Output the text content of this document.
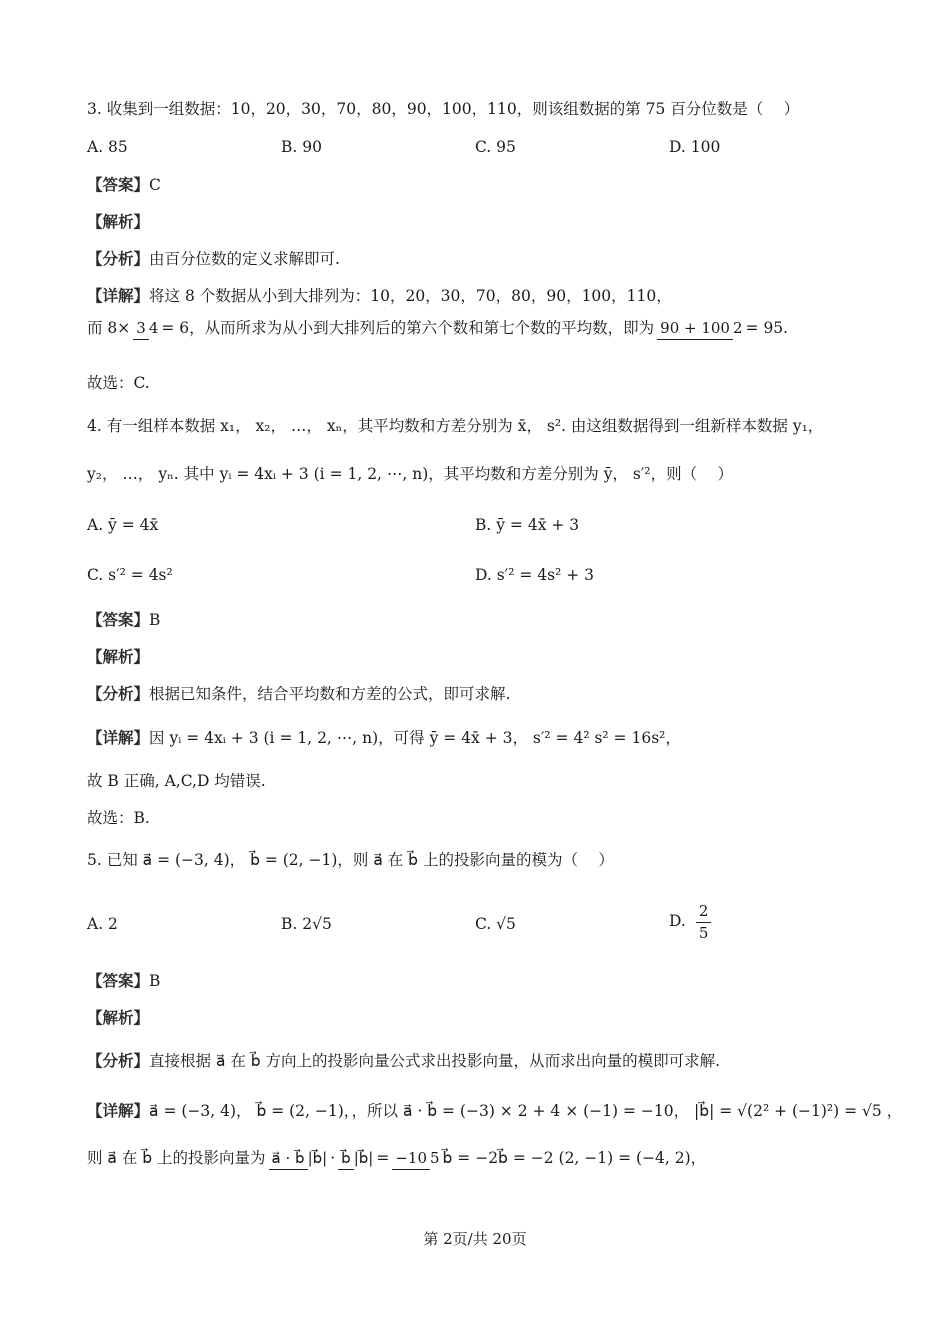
3. 收集到一组数据：10，20，30，70，80，90，100，110，则该组数据的第 75 百分位数是（　 ）
A. 85	B. 90	C. 95	D. 100
【答案】C
【解析】
【分析】由百分位数的定义求解即可.
【详解】将这 8 个数据从小到大排列为：10，20，30，70，80，90，100，110，
而 8× 3 4 = 6，从而所求为从小到大排列后的第六个数和第七个数的平均数，即为 90 + 100 2 = 95.
故选：C.
4. 有一组样本数据 x₁， x₂， …， xₙ，其平均数和方差分别为 x̄， s². 由这组数据得到一组新样本数据 y₁，
y₂， …， yₙ. 其中 yᵢ = 4xᵢ + 3 (i = 1, 2, ⋯, n)，其平均数和方差分别为 ȳ， s′²，则（　 ）
A. ȳ = 4x̄	B. ȳ = 4x̄ + 3
C. s′² = 4s²	D. s′² = 4s² + 3
【答案】B
【解析】
【分析】根据已知条件，结合平均数和方差的公式，即可求解.
【详解】因 yᵢ = 4xᵢ + 3 (i = 1, 2, ⋯, n)，可得 ȳ = 4x̄ + 3， s′² = 4² s² = 16s²，
故 B 正确, A,C,D 均错误.
故选：B.
5. 已知 a⃗ = (−3, 4)， b⃗ = (2, −1)，则 a⃗ 在 b⃗ 上的投影向量的模为（　 ）
A. 2	B. 2√5	C. √5	D. $\frac{2}{5}$
【答案】B
【解析】
【分析】直接根据 a⃗ 在 b⃗ 方向上的投影向量公式求出投影向量，从而求出向量的模即可求解.
【详解】a⃗ = (−3, 4)， b⃗ = (2, −1)，，所以 a⃗ · b⃗ = (−3) × 2 + 4 × (−1) = −10， |b⃗| = √(2² + (−1)²) = √5 ，
则 a⃗ 在 b⃗ 上的投影向量为 a⃗ · b⃗ |b⃗| · b⃗ |b⃗| = −10 5 b⃗ = −2b⃗ = −2 (2, −1) = (−4, 2)，
第 2页/共 20页
